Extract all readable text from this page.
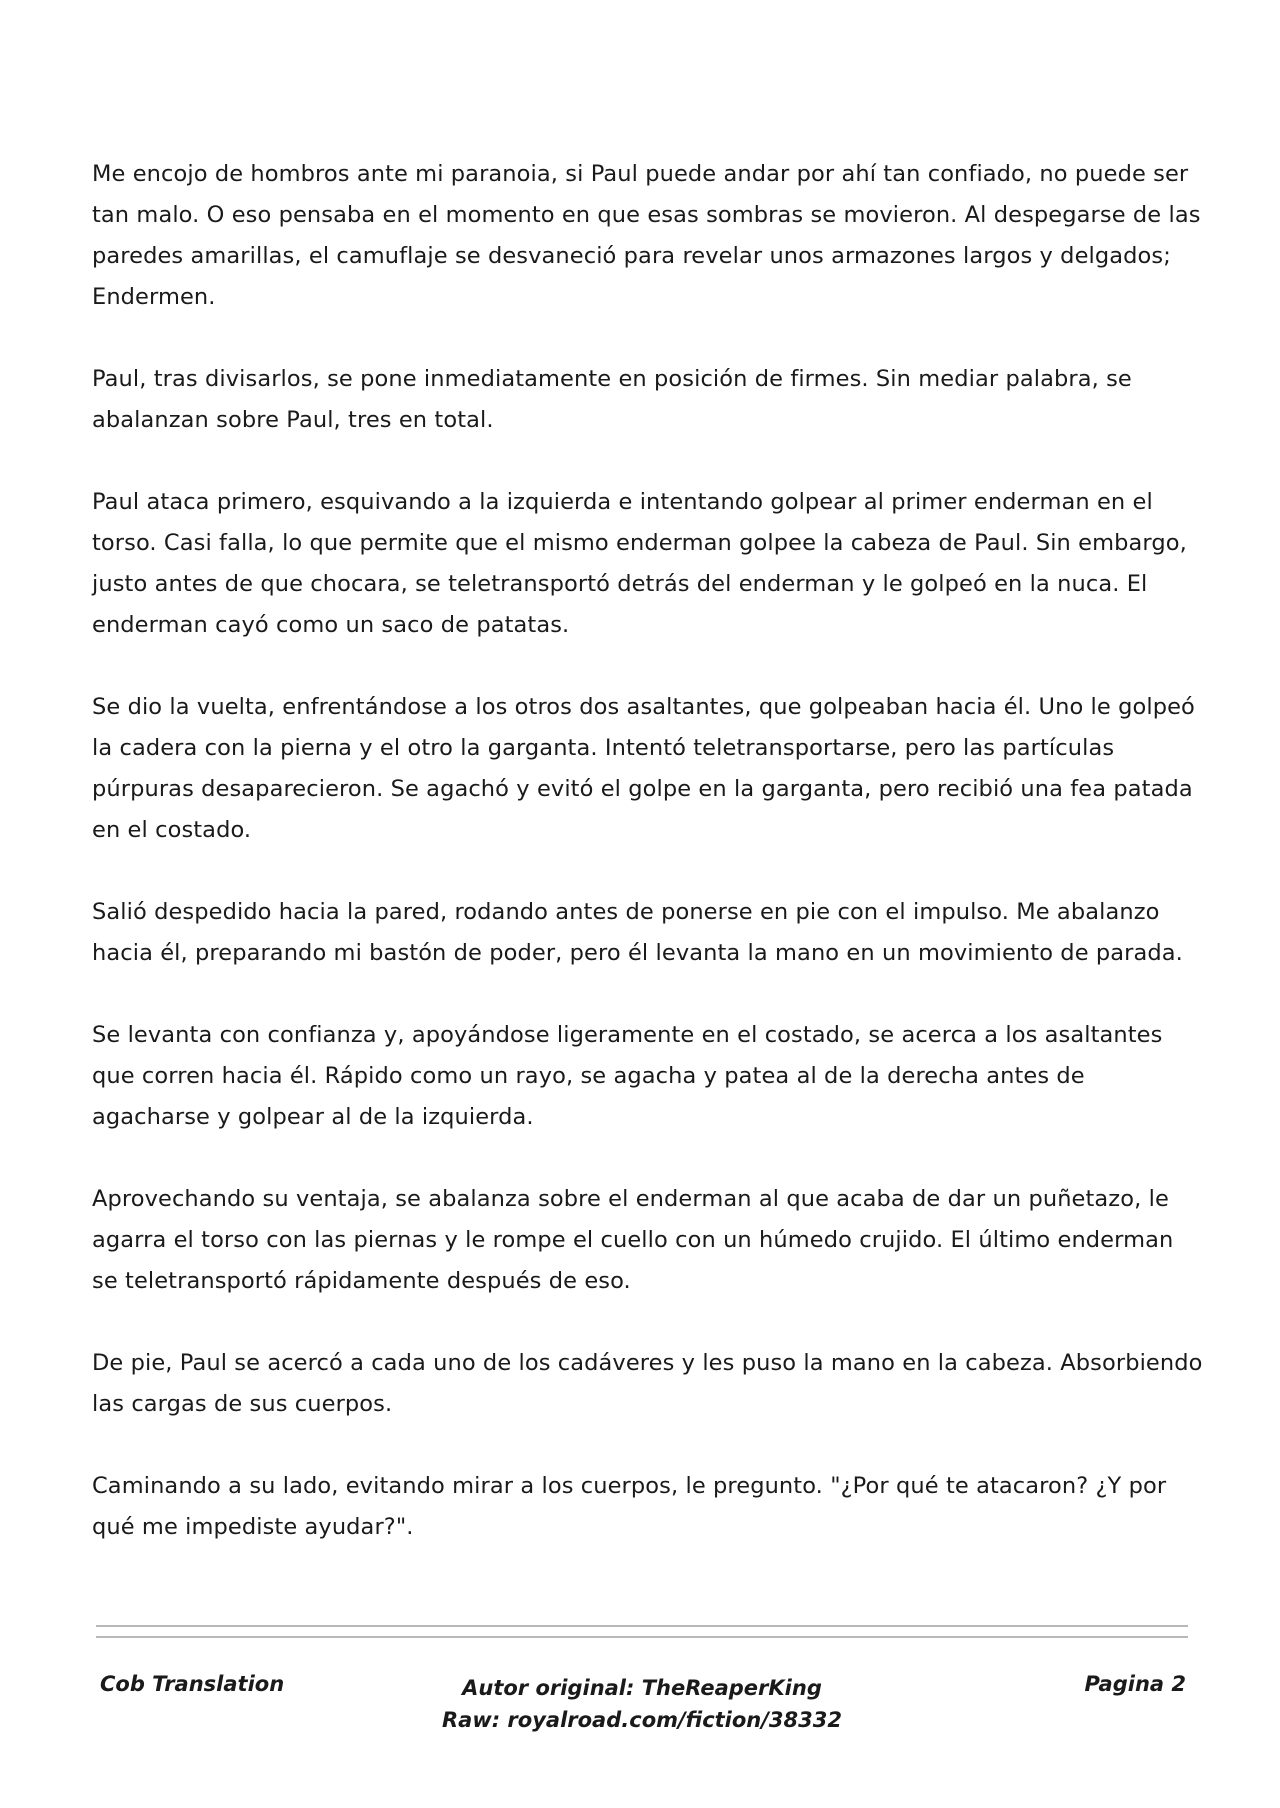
Me encojo de hombros ante mi paranoia, si Paul puede andar por ahí tan confiado, no puede ser tan malo. O eso pensaba en el momento en que esas sombras se movieron. Al despegarse de las paredes amarillas, el camuflaje se desvaneció para revelar unos armazones largos y delgados; Endermen.

Paul, tras divisarlos, se pone inmediatamente en posición de firmes. Sin mediar palabra, se abalanzan sobre Paul, tres en total.

Paul ataca primero, esquivando a la izquierda e intentando golpear al primer enderman en el torso. Casi falla, lo que permite que el mismo enderman golpee la cabeza de Paul. Sin embargo, justo antes de que chocara, se teletransportó detrás del enderman y le golpeó en la nuca. El enderman cayó como un saco de patatas.

Se dio la vuelta, enfrentándose a los otros dos asaltantes, que golpeaban hacia él. Uno le golpeó la cadera con la pierna y el otro la garganta. Intentó teletransportarse, pero las partículas púrpuras desaparecieron. Se agachó y evitó el golpe en la garganta, pero recibió una fea patada en el costado.

Salió despedido hacia la pared, rodando antes de ponerse en pie con el impulso. Me abalanzo hacia él, preparando mi bastón de poder, pero él levanta la mano en un movimiento de parada.

Se levanta con confianza y, apoyándose ligeramente en el costado, se acerca a los asaltantes que corren hacia él. Rápido como un rayo, se agacha y patea al de la derecha antes de agacharse y golpear al de la izquierda.

Aprovechando su ventaja, se abalanza sobre el enderman al que acaba de dar un puñetazo, le agarra el torso con las piernas y le rompe el cuello con un húmedo crujido. El último enderman se teletransportó rápidamente después de eso.

De pie, Paul se acercó a cada uno de los cadáveres y les puso la mano en la cabeza. Absorbiendo las cargas de sus cuerpos.

Caminando a su lado, evitando mirar a los cuerpos, le pregunto. "¿Por qué te atacaron? ¿Y por qué me impediste ayudar?".

Cob Translation	Autor original: TheReaperKing
Raw: royalroad.com/fiction/38332
Pagina 2
